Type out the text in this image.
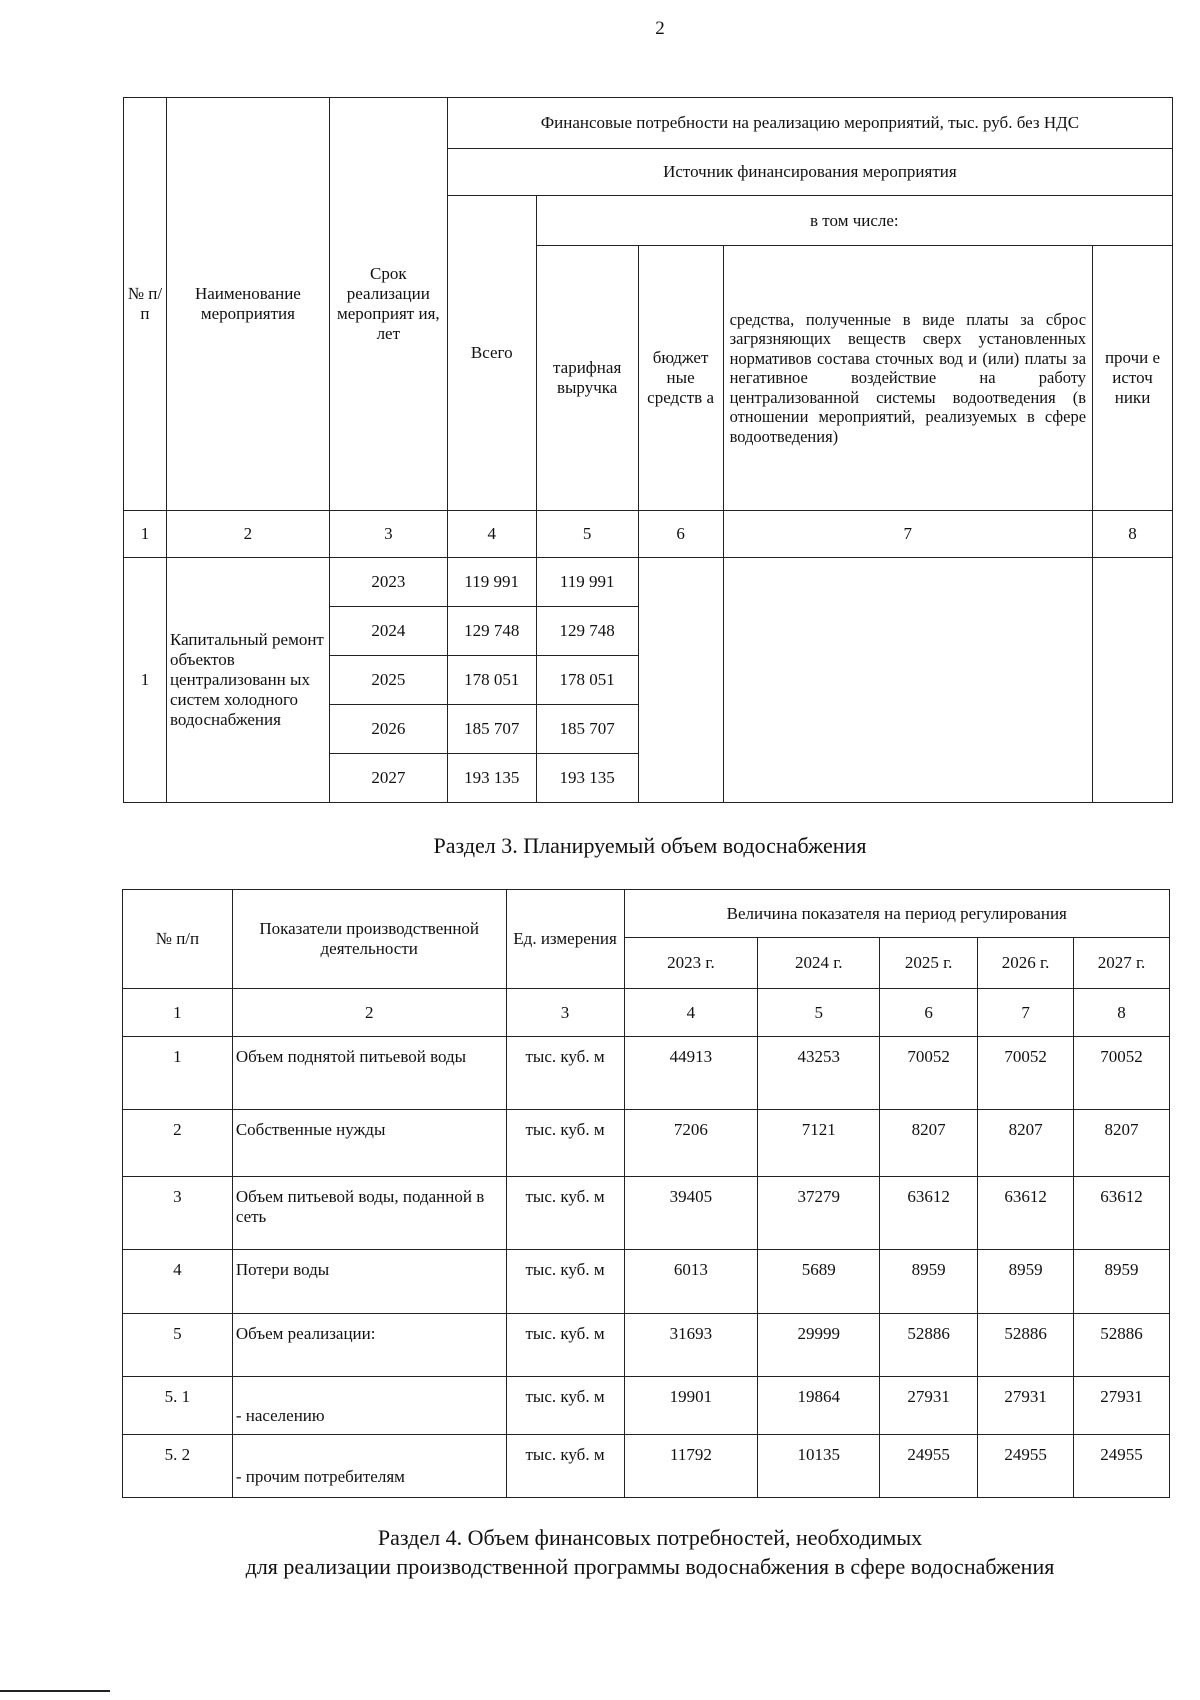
2
№ п/п	Наименование мероприятия	Срок реализации мероприят ия, лет	Финансовые потребности на реализацию мероприятий, тыс. руб. без НДС				
			Источник финансирования мероприятия				
			Всего	в том числе:			
				тарифная выручка	бюджет ные средств а	средства, полученные в виде платы за сброс загрязняющих веществ сверх установленных нормативов состава сточных вод и (или) платы за негативное воздействие на работу централизованной системы водоотведения (в отношении мероприятий, реализуемых в сфере водоотведения)	прочи е источ ники
1	2	3	4	5	6	7	8
1	Капитальный ремонт объектов централизованн ых систем холодного водоснабжения	2023	119 991	119 991			
		2024	129 748	129 748			
		2025	178 051	178 051			
		2026	185 707	185 707			
		2027	193 135	193 135			
Раздел 3. Планируемый объем водоснабжения
№ п/п	Показатели производственной деятельности	Ед. измерения	Величина показателя на период регулирования				
			2023 г.	2024 г.	2025 г.	2026 г.	2027 г.
1	2	3	4	5	6	7	8
1	Объем поднятой питьевой воды	тыс. куб. м	44913	43253	70052	70052	70052
2	Собственные нужды	тыс. куб. м	7206	7121	8207	8207	8207
3	Объем питьевой воды, поданной в сеть	тыс. куб. м	39405	37279	63612	63612	63612
4	Потери воды	тыс. куб. м	6013	5689	8959	8959	8959
5	Объем реализации:	тыс. куб. м	31693	29999	52886	52886	52886
5. 1	- населению	тыс. куб. м	19901	19864	27931	27931	27931
5. 2	- прочим потребителям	тыс. куб. м	11792	10135	24955	24955	24955
Раздел 4. Объем финансовых потребностей, необходимых
для реализации производственной программы водоснабжения в сфере водоснабжения
